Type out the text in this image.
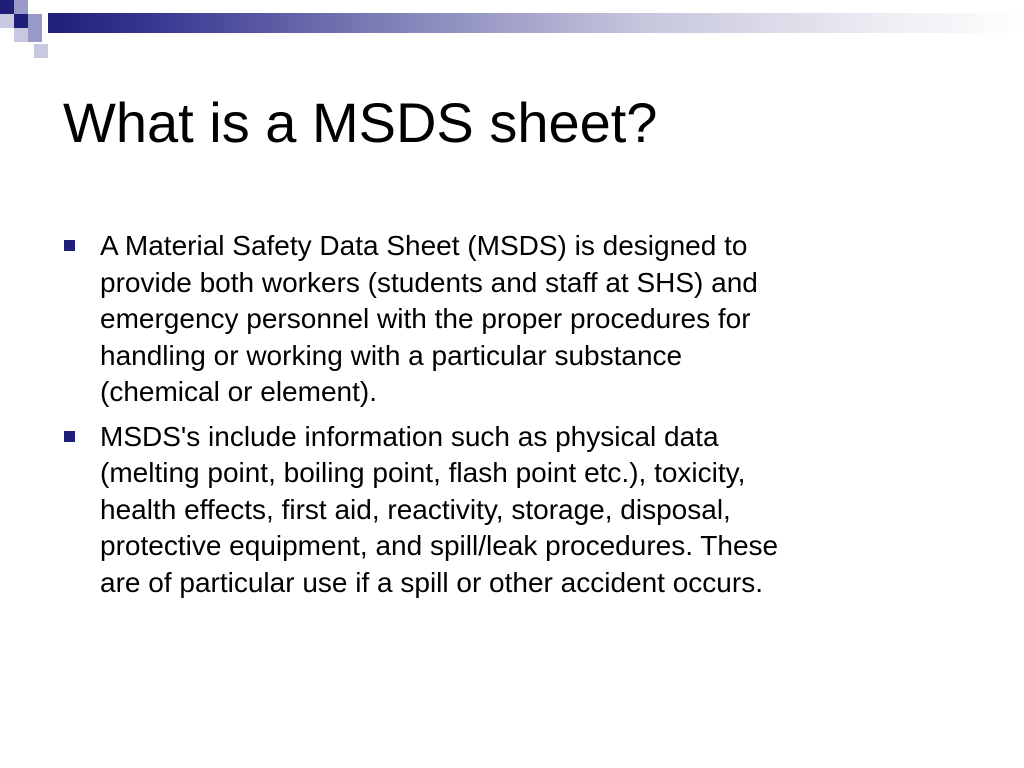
What is a MSDS sheet?
A Material Safety Data Sheet (MSDS) is designed to
provide both workers (students and staff at SHS) and
emergency personnel with the proper procedures for
handling or working with a particular substance
(chemical or element).
MSDS's include information such as physical data
(melting point, boiling point, flash point etc.), toxicity,
health effects, first aid, reactivity, storage, disposal,
protective equipment, and spill/leak procedures. These
are of particular use if a spill or other accident occurs.
